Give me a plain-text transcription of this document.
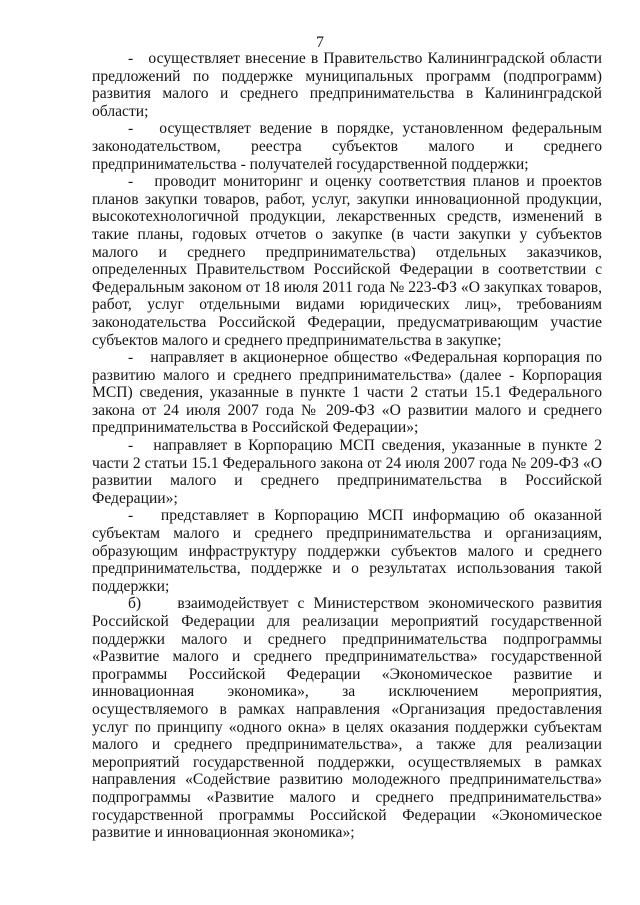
7

-   осуществляет внесение в Правительство Калининградской области предложений по поддержке муниципальных программ (подпрограмм) развития малого и среднего предпринимательства в Калининградской области;

-   осуществляет ведение в порядке, установленном федеральным законодательством, реестра субъектов малого и среднего предпринимательства - получателей государственной поддержки;

-   проводит мониторинг и оценку соответствия планов и проектов планов закупки товаров, работ, услуг, закупки инновационной продукции, высокотехнологичной продукции, лекарственных средств, изменений в такие планы, годовых отчетов о закупке (в части закупки у субъектов малого и среднего предпринимательства) отдельных заказчиков, определенных Правительством Российской Федерации в соответствии с Федеральным законом от 18 июля 2011 года № 223-ФЗ «О закупках товаров, работ, услуг отдельными видами юридических лиц», требованиям законодательства Российской Федерации, предусматривающим участие субъектов малого и среднего предпринимательства в закупке;

-   направляет в акционерное общество «Федеральная корпорация по развитию малого и среднего предпринимательства» (далее - Корпорация МСП) сведения, указанные в пункте 1 части 2 статьи 15.1 Федерального закона от 24 июля 2007 года № 209-ФЗ «О развитии малого и среднего предпринимательства в Российской Федерации»;

-   направляет в Корпорацию МСП сведения, указанные в пункте 2 части 2 статьи 15.1 Федерального закона от 24 июля 2007 года № 209-ФЗ «О развитии малого и среднего предпринимательства в Российской Федерации»;

-   представляет в Корпорацию МСП информацию об оказанной субъектам малого и среднего предпринимательства и организациям, образующим инфраструктуру поддержки субъектов малого и среднего предпринимательства, поддержке и о результатах использования такой поддержки;

б)    взаимодействует с Министерством экономического развития Российской Федерации для реализации мероприятий государственной поддержки малого и среднего предпринимательства подпрограммы «Развитие малого и среднего предпринимательства» государственной программы Российской Федерации «Экономическое развитие и инновационная экономика», за исключением мероприятия, осуществляемого в рамках направления «Организация предоставления услуг по принципу «одного окна» в целях оказания поддержки субъектам малого и среднего предпринимательства», а также для реализации мероприятий государственной поддержки, осуществляемых в рамках направления «Содействие развитию молодежного предпринимательства» подпрограммы «Развитие малого и среднего предпринимательства» государственной программы Российской Федерации «Экономическое развитие и инновационная экономика»;
